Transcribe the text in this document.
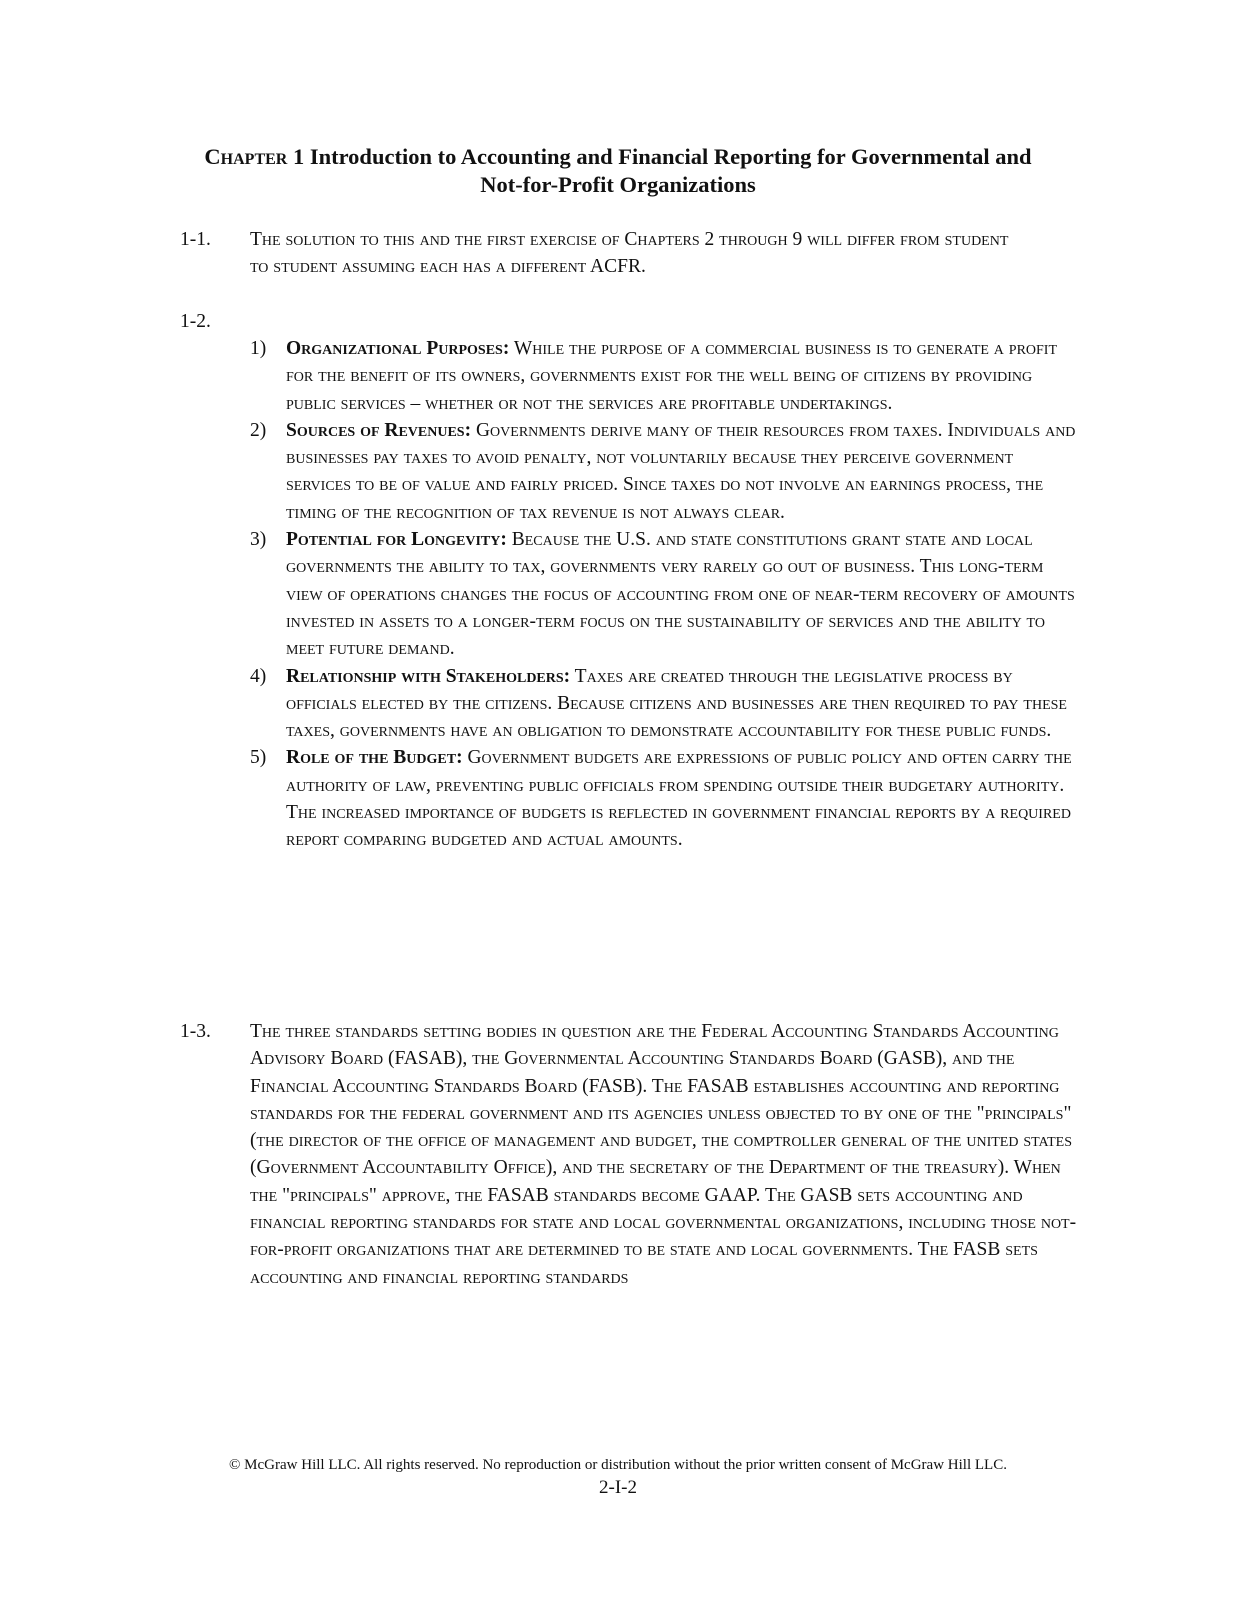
Chapter 1 Introduction to Accounting and Financial Reporting for Governmental and
Not-for-Profit Organizations
1-1. The solution to this and the first exercise of Chapters 2 through 9 will differ from student to student assuming each has a different ACFR.
1-2.
1) Organizational Purposes: While the purpose of a commercial business is to generate a profit for the benefit of its owners, governments exist for the well being of citizens by providing public services – whether or not the services are profitable undertakings.
2) Sources of Revenues: Governments derive many of their resources from taxes. Individuals and businesses pay taxes to avoid penalty, not voluntarily because they perceive government services to be of value and fairly priced. Since taxes do not involve an earnings process, the timing of the recognition of tax revenue is not always clear.
3) Potential for Longevity: Because the U.S. and state constitutions grant state and local governments the ability to tax, governments very rarely go out of business. This long-term view of operations changes the focus of accounting from one of near-term recovery of amounts invested in assets to a longer-term focus on the sustainability of services and the ability to meet future demand.
4) Relationship with Stakeholders: Taxes are created through the legislative process by officials elected by the citizens. Because citizens and businesses are then required to pay these taxes, governments have an obligation to demonstrate accountability for these public funds.
5) Role of the Budget: Government budgets are expressions of public policy and often carry the authority of law, preventing public officials from spending outside their budgetary authority. The increased importance of budgets is reflected in government financial reports by a required report comparing budgeted and actual amounts.
1-3. The three standards setting bodies in question are the Federal Accounting Standards Accounting Advisory Board (FASAB), the Governmental Accounting Standards Board (GASB), and the Financial Accounting Standards Board (FASB). The FASAB establishes accounting and reporting standards for the federal government and its agencies unless objected to by one of the "principals" (the director of the office of management and budget, the comptroller general of the united states (Government Accountability Office), and the secretary of the Department of the treasury). When the "principals" approve, the FASAB standards become GAAP. The GASB sets accounting and financial reporting standards for state and local governmental organizations, including those not-for-profit organizations that are determined to be state and local governments. The FASB sets accounting and financial reporting standards
© McGraw Hill LLC. All rights reserved. No reproduction or distribution without the prior written consent of McGraw Hill LLC.
2-I-2
